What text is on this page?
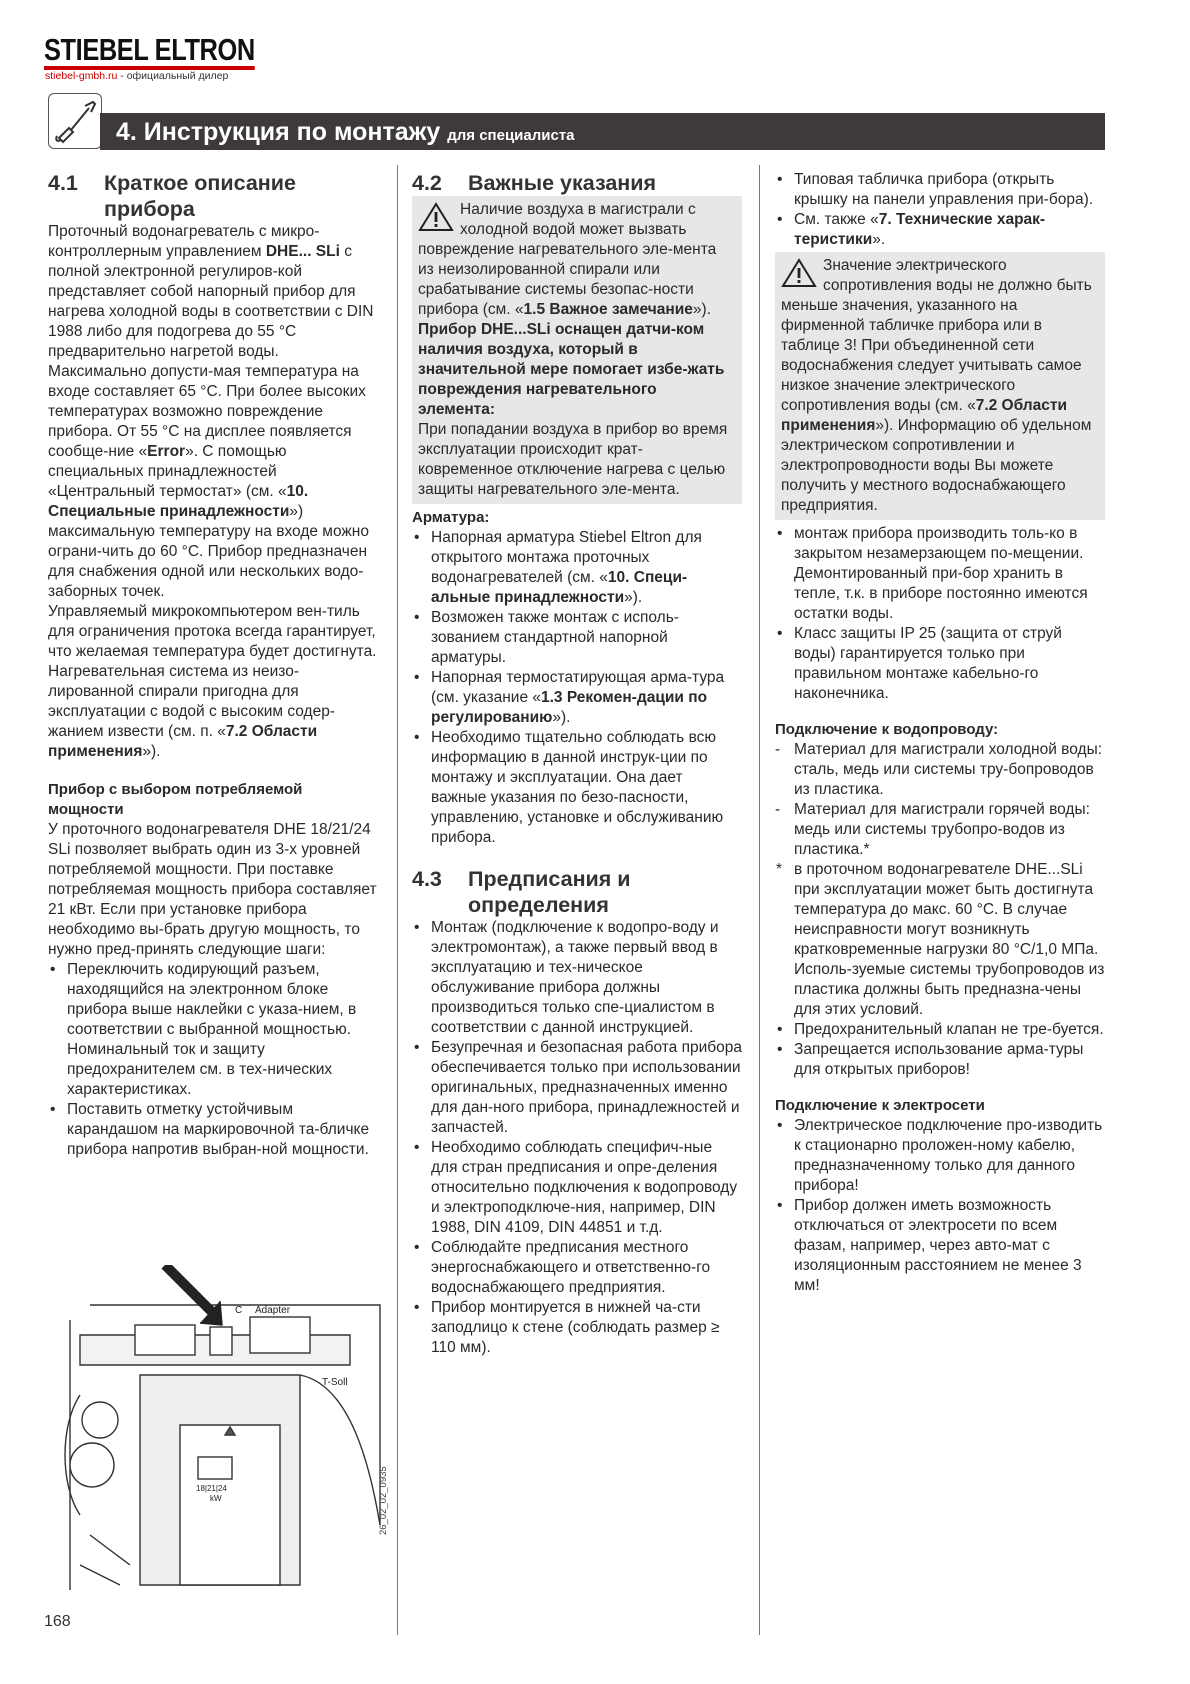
STIEBEL ELTRON
stiebel-gmbh.ru - официальный дилер
4. Инструкция по монтажу для специалиста
4.1 Краткое описание
прибора

Проточный водонагреватель с микро-контроллерным управлением DHE... SLi с полной электронной регулиров-кой представляет собой напорный прибор для нагрева холодной воды в соответствии с DIN 1988 либо для подогрева до 55 °C предварительно нагретой воды. Максимально допусти-мая температура на входе составляет 65 °C. При более высоких температурах возможно повреждение прибора. От 55 °C на дисплее появляется сообще-ние «Error». С помощью специальных принадлежностей «Центральный термостат» (см. «10. Специальные принадлежности») максимальную температуру на входе можно ограни-чить до 60 °C. Прибор предназначен для снабжения одной или нескольких водо-заборных точек.

Управляемый микрокомпьютером вен-тиль для ограничения протока всегда гарантирует, что желаемая температура будет достигнута.

Нагревательная система из неизо-лированной спирали пригодна для эксплуатации с водой с высоким содер-жанием извести (см. п. «7.2 Области применения»).

Прибор с выбором потребляемой мощности

У проточного водонагревателя DHE 18/21/24 SLi позволяет выбрать один из 3-х уровней потребляемой мощности. При поставке потребляемая мощность прибора составляет 21 кВт. Если при установке прибора необходимо вы-брать другую мощность, то нужно пред-принять следующие шаги:

• Переключить кодирующий разъем, находящийся на электронном блоке прибора выше наклейки с указа-нием, в соответствии с выбранной мощностью. Номинальный ток и защиту предохранителем см. в тех-нических характеристиках.
• Поставить отметку устойчивым карандашом на маркировочной та-бличке прибора напротив выбран-ной мощности.
Adapter
C
T-Soll
18|21|24
kW	26_02_02_0935
4.2 Важные указания

Наличие воздуха в магистрали с холодной водой может вызвать повреждение нагревательного эле-мента из неизолированной спирали или срабатывание системы безопас-ности прибора (см. «1.5 Важное замечание»).

Прибор DHE...SLi оснащен датчи-ком наличия воздуха, который в значительной мере помогает избе-жать повреждения нагревательного элемента:

При попадании воздуха в прибор во время эксплуатации происходит крат-ковременное отключение нагрева с целью защиты нагревательного эле-мента.

Арматура:

• Напорная арматура Stiebel Eltron для открытого монтажа проточных водонагревателей (см. «10. Специ-альные принадлежности»).
• Возможен также монтаж с исполь-зованием стандартной напорной арматуры.
• Напорная термостатирующая арма-тура (см. указание «1.3 Рекомен-дации по регулированию»).
• Необходимо тщательно соблюдать всю информацию в данной инструк-ции по монтажу и эксплуатации. Она дает важные указания по безо-пасности, управлению, установке и обслуживанию прибора.

4.3 Предписания и
определения
• Монтаж (подключение к водопро-воду и электромонтаж), а также первый ввод в эксплуатацию и тех-ническое обслуживание прибора должны производиться только спе-циалистом в соответствии с данной инструкцией.
• Безупречная и безопасная работа прибора обеспечивается только при использовании оригинальных, предназначенных именно для дан-ного прибора, принадлежностей и запчастей.
• Необходимо соблюдать специфич-ные для стран предписания и опре-деления относительно подключения к водопроводу и электроподключе-ния, например, DIN 1988, DIN 4109, DIN 44851 и т.д.
• Соблюдайте предписания местного энергоснабжающего и ответственно-го водоснабжающего предприятия.
• Прибор монтируется в нижней ча-сти заподлицо к стене (соблюдать размер ≥ 110 мм).
• Типовая табличка прибора (открыть крышку на панели управления при-бора).
• См. также «7. Технические харак-теристики».

Значение электрического сопротивления воды не должно быть меньше значения, указанного на фирменной табличке прибора или в таблице 3! При объединенной сети водоснабжения следует учитывать самое низкое значение электрического сопротивления воды (см. «7.2 Области применения»). Информацию об удельном электрическом сопротивлении и электропроводности воды Вы можете получить у местного водоснабжающего предприятия.

• монтаж прибора производить толь-ко в закрытом незамерзающем по-мещении. Демонтированный при-бор хранить в тепле, т.к. в приборе постоянно имеются остатки воды.
• Класс защиты IP 25 (защита от струй воды) гарантируется только при правильном монтаже кабельно-го наконечника.

Подключение к водопроводу:

- Материал для магистрали холодной воды: сталь, медь или системы тру-бопроводов из пластика.
- Материал для магистрали горячей воды: медь или системы трубопро-водов из пластика.*
* в проточном водонагревателе DHE...SLi при эксплуатации может быть достигнута температура до макс. 60 °C. В случае неисправности могут возникнуть кратковременные нагрузки 80 °C/1,0 МПа. Исполь-зуемые системы трубопроводов из пластика должны быть предназна-чены для этих условий.
• Предохранительный клапан не тре-буется.
• Запрещается использование арма-туры для открытых приборов!

Подключение к электросети

• Электрическое подключение про-изводить к стационарно проложен-ному кабелю, предназначенному только для данного прибора!
• Прибор должен иметь возможность отключаться от электросети по всем фазам, например, через авто-мат с изоляционным расстоянием не менее 3 мм!
168
